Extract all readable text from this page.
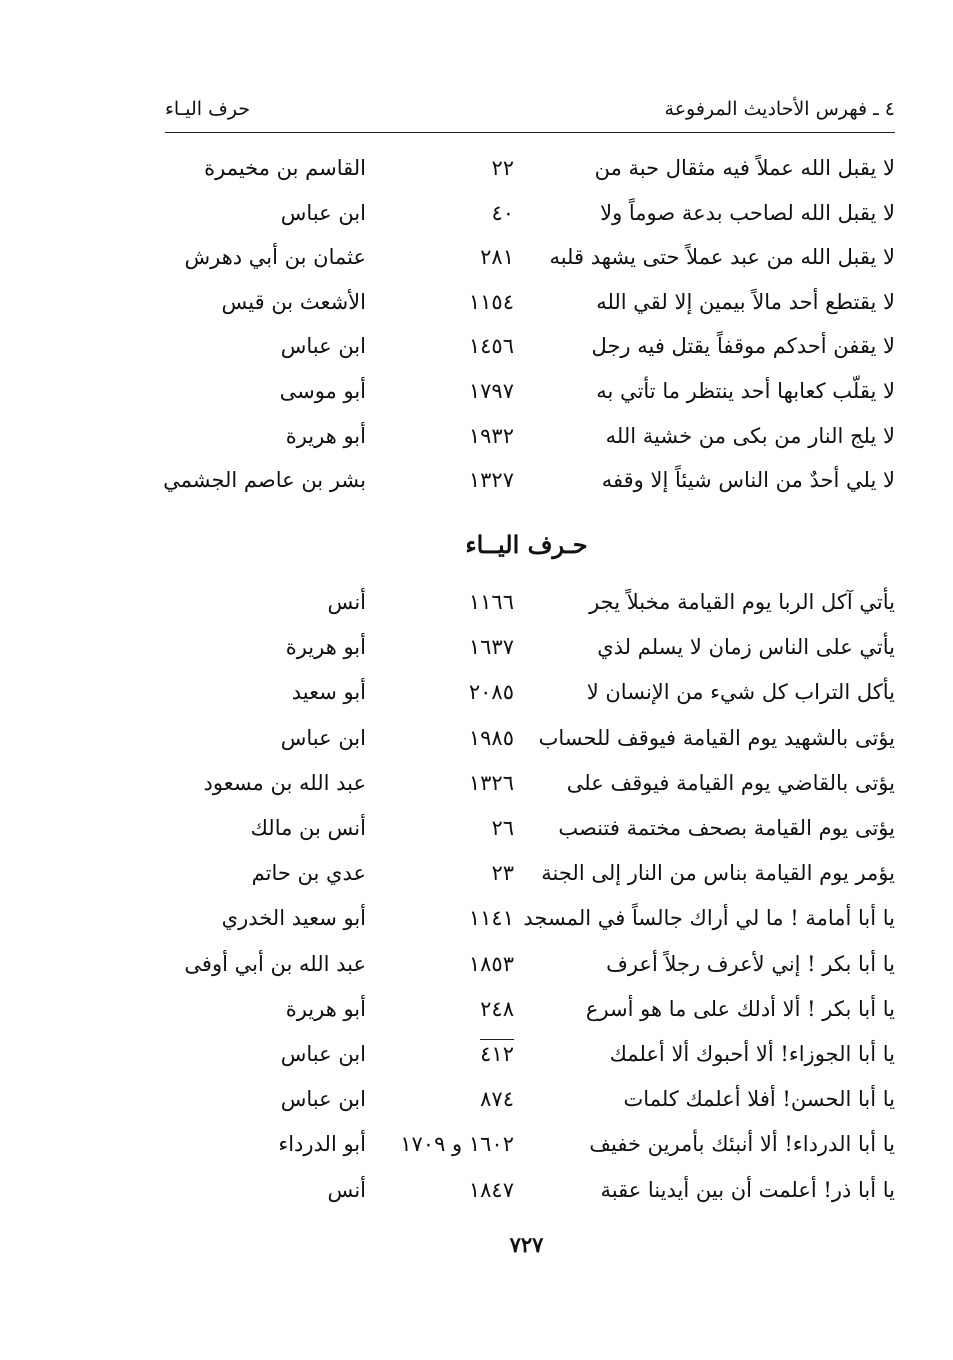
٤ ـ فهرس الأحاديث المرفوعة
حرف اليـاء
لا يقبل الله عملاً فيه مثقال حبة من
٢٢
القاسم بن مخيمرة
لا يقبل الله لصاحب بدعة صوماً ولا
٤٠
ابن عباس
لا يقبل الله من عبد عملاً حتى يشهد قلبه
٢٨١
عثمان بن أبي دهرش
لا يقتطع أحد مالاً بيمين إلا لقي الله
١١٥٤
الأشعث بن قيس
لا يقفن أحدكم موقفاً يقتل فيه رجل
١٤٥٦
ابن عباس
لا يقلّب كعابها أحد ينتظر ما تأتي به
١٧٩٧
أبو موسى
لا يلج النار من بكى من خشية الله
١٩٣٢
أبو هريرة
لا يلي أحدٌ من الناس شيئاً إلا وقفه
١٣٢٧
بشر بن عاصم الجشمي
حـرف اليــاء
يأتي آكل الربا يوم القيامة مخبلاً يجر
١١٦٦
أنس
يأتي على الناس زمان لا يسلم لذي
١٦٣٧
أبو هريرة
يأكل التراب كل شيء من الإنسان لا
٢٠٨٥
أبو سعيد
يؤتى بالشهيد يوم القيامة فيوقف للحساب
١٩٨٥
ابن عباس
يؤتى بالقاضي يوم القيامة فيوقف على
١٣٢٦
عبد الله بن مسعود
يؤتى يوم القيامة بصحف مختمة فتنصب
٢٦
أنس بن مالك
يؤمر يوم القيامة بناس من النار إلى الجنة
٢٣
عدي بن حاتم
يا أبا أمامة ! ما لي أراك جالساً في المسجد
١١٤١
أبو سعيد الخدري
يا أبا بكر ! إني لأعرف رجلاً أعرف
١٨٥٣
عبد الله بن أبي أوفى
يا أبا بكر ! ألا أدلك على ما هو أسرع
٢٤٨
أبو هريرة
يا أبا الجوزاء! ألا أحبوك ألا أعلمك
٤١٢
ابن عباس
يا أبا الحسن! أفلا أعلمك كلمات
٨٧٤
ابن عباس
يا أبا الدرداء! ألا أنبئك بأمرين خفيف
١٦٠٢ و ١٧٠٩
أبو الدرداء
يا أبا ذر! أعلمت أن بين أيدينا عقبة
١٨٤٧
أنس
٧٢٧
